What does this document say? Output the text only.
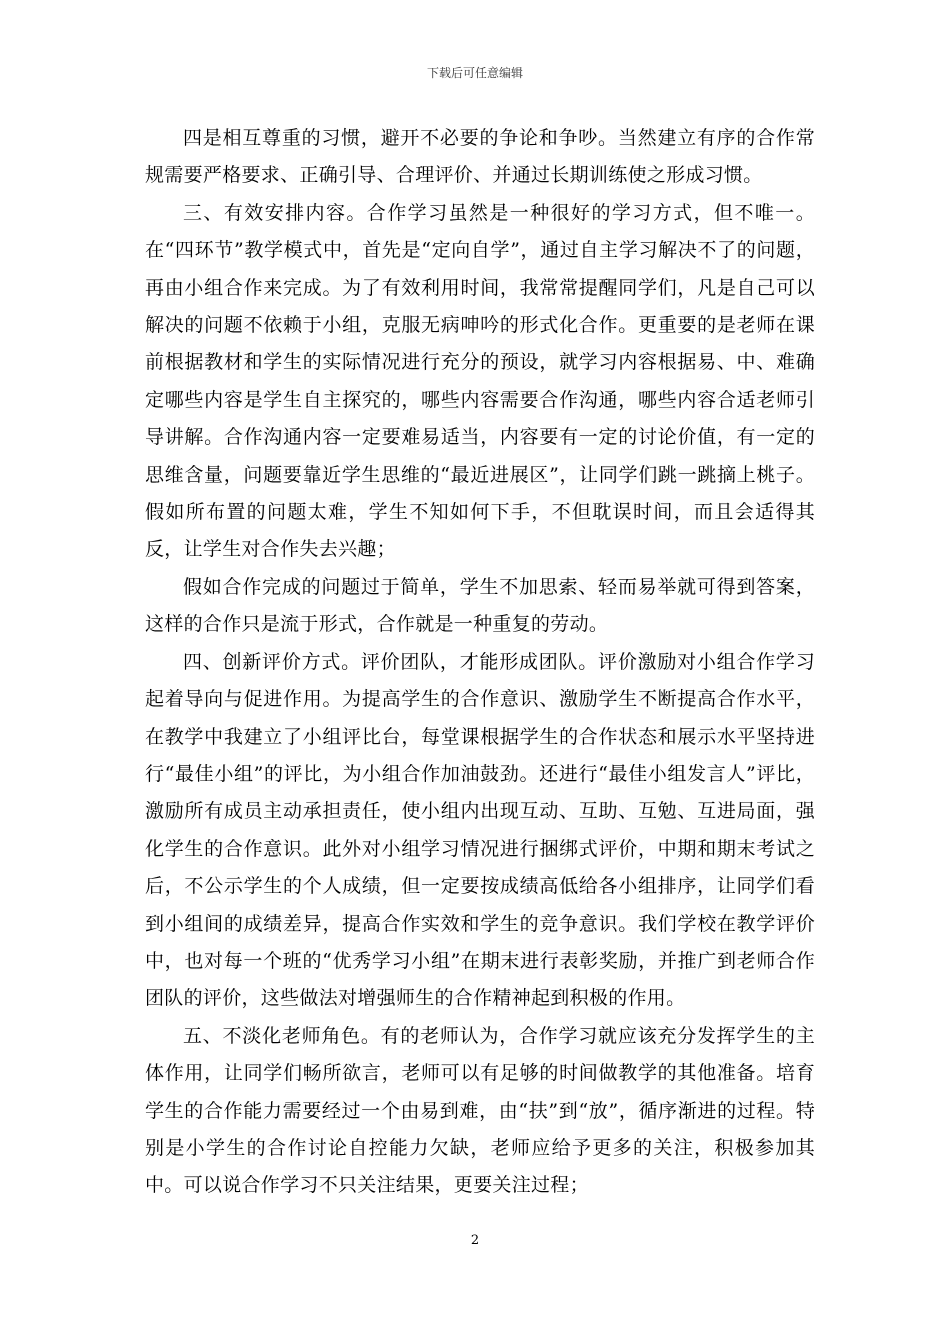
下载后可任意编辑

四是相互尊重的习惯，避开不必要的争论和争吵。当然建立有序的合作常规需要严格要求、正确引导、合理评价、并通过长期训练使之形成习惯。

三、有效安排内容。合作学习虽然是一种很好的学习方式，但不唯一。在“四环节”教学模式中，首先是“定向自学”，通过自主学习解决不了的问题，再由小组合作来完成。为了有效利用时间，我常常提醒同学们，凡是自己可以解决的问题不依赖于小组，克服无病呻吟的形式化合作。更重要的是老师在课前根据教材和学生的实际情况进行充分的预设，就学习内容根据易、中、难确定哪些内容是学生自主探究的，哪些内容需要合作沟通，哪些内容合适老师引导讲解。合作沟通内容一定要难易适当，内容要有一定的讨论价值，有一定的思维含量，问题要靠近学生思维的“最近进展区”，让同学们跳一跳摘上桃子。假如所布置的问题太难，学生不知如何下手，不但耽误时间，而且会适得其反，让学生对合作失去兴趣；

假如合作完成的问题过于简单，学生不加思索、轻而易举就可得到答案，这样的合作只是流于形式，合作就是一种重复的劳动。

四、创新评价方式。评价团队，才能形成团队。评价激励对小组合作学习起着导向与促进作用。为提高学生的合作意识、激励学生不断提高合作水平，在教学中我建立了小组评比台，每堂课根据学生的合作状态和展示水平坚持进行“最佳小组”的评比，为小组合作加油鼓劲。还进行“最佳小组发言人”评比，激励所有成员主动承担责任，使小组内出现互动、互助、互勉、互进局面，强化学生的合作意识。此外对小组学习情况进行捆绑式评价，中期和期末考试之后，不公示学生的个人成绩，但一定要按成绩高低给各小组排序，让同学们看到小组间的成绩差异，提高合作实效和学生的竞争意识。我们学校在教学评价中，也对每一个班的“优秀学习小组”在期末进行表彰奖励，并推广到老师合作团队的评价，这些做法对增强师生的合作精神起到积极的作用。

五、不淡化老师角色。有的老师认为，合作学习就应该充分发挥学生的主体作用，让同学们畅所欲言，老师可以有足够的时间做教学的其他准备。培育学生的合作能力需要经过一个由易到难，由“扶”到“放”，循序渐进的过程。特别是小学生的合作讨论自控能力欠缺，老师应给予更多的关注，积极参加其中。可以说合作学习不只关注结果，更要关注过程；

2
